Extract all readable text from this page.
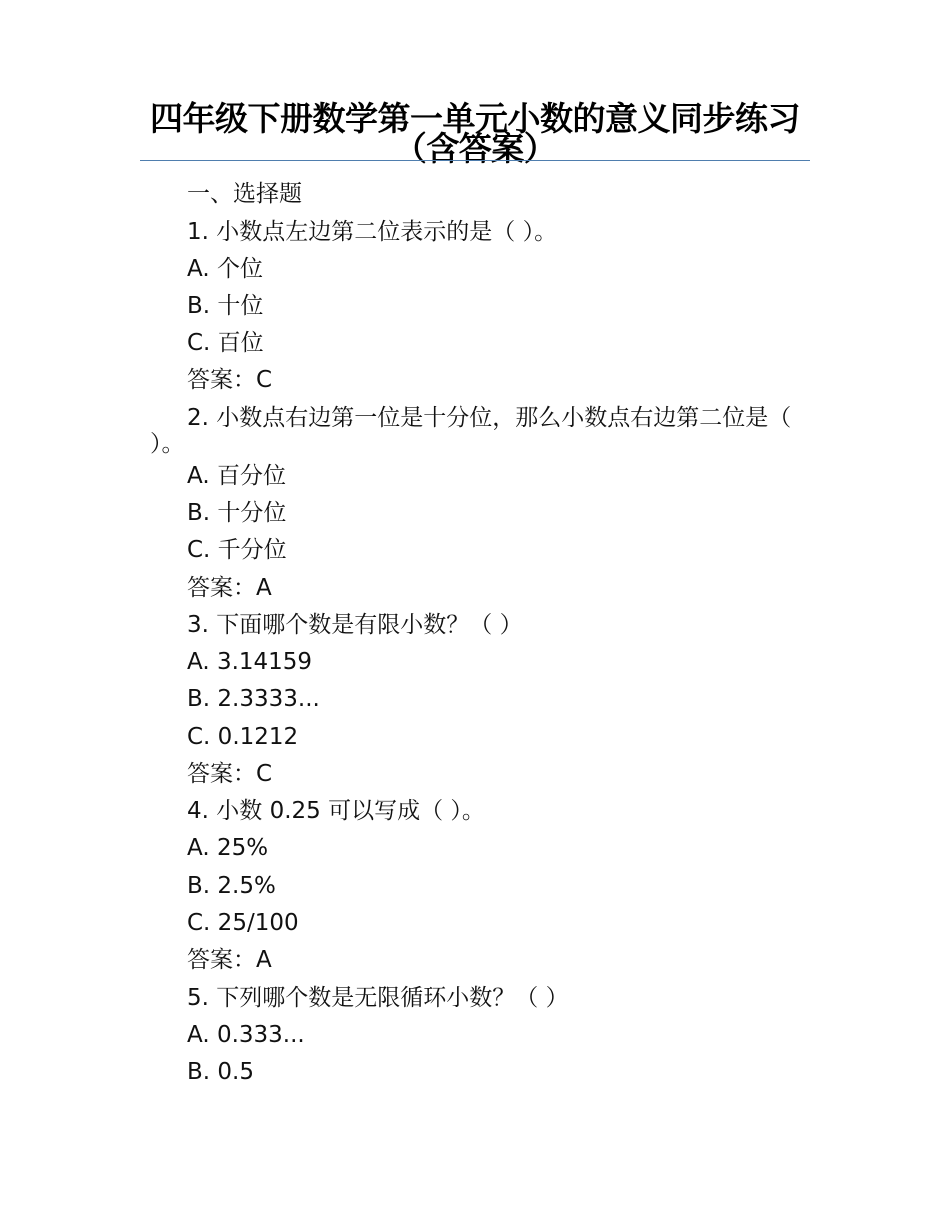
四年级下册数学第一单元小数的意义同步练习（含答案）
一、选择题
1. 小数点左边第二位表示的是（ ）。
A. 个位
B. 十位
C. 百位
答案：C
2. 小数点右边第一位是十分位，那么小数点右边第二位是（ ）。
A. 百分位
B. 十分位
C. 千分位
答案：A
3. 下面哪个数是有限小数？（ ）
A. 3.14159
B. 2.3333...
C. 0.1212
答案：C
4. 小数 0.25 可以写成（ ）。
A. 25%
B. 2.5%
C. 25/100
答案：A
5. 下列哪个数是无限循环小数？（ ）
A. 0.333...
B. 0.5
